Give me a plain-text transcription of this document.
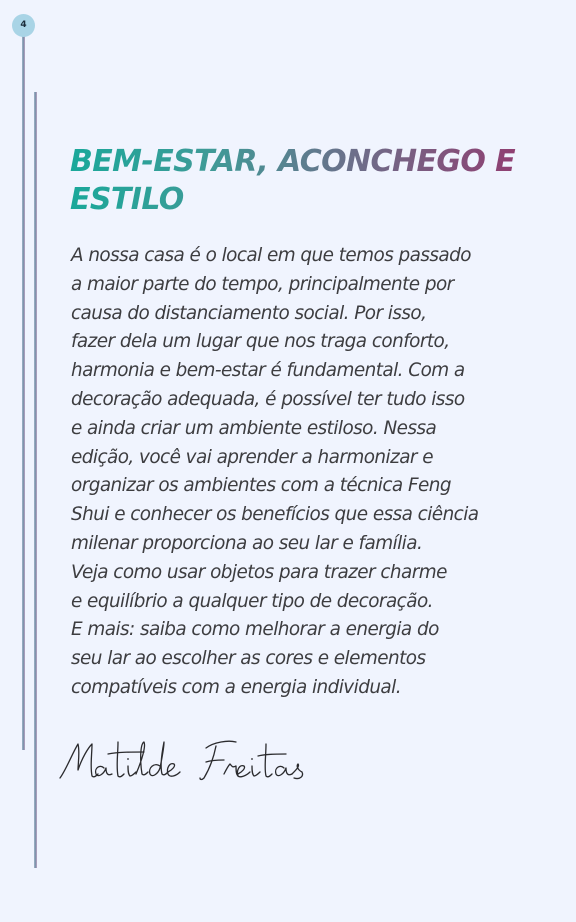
4
BEM-ESTAR, ACONCHEGO E
ESTILO
A nossa casa é o local em que temos passado
a maior parte do tempo, principalmente por
causa do distanciamento social. Por isso,
fazer dela um lugar que nos traga conforto,
harmonia e bem-estar é fundamental. Com a
decoração adequada, é possível ter tudo isso
e ainda criar um ambiente estiloso. Nessa
edição, você vai aprender a harmonizar e
organizar os ambientes com a técnica Feng
Shui e conhecer os benefícios que essa ciência
milenar proporciona ao seu lar e família.
Veja como usar objetos para trazer charme
e equilíbrio a qualquer tipo de decoração.
E mais: saiba como melhorar a energia do
seu lar ao escolher as cores e elementos
compatíveis com a energia individual.
